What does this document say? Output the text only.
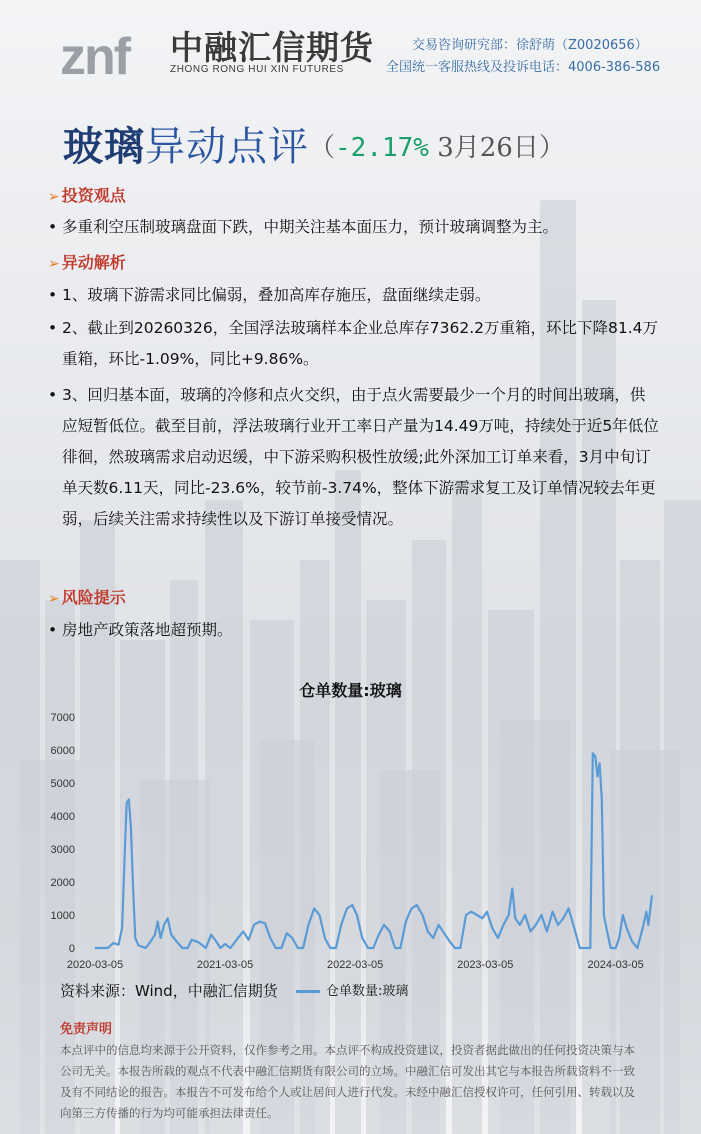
znf 中融汇信期货
ZHONG RONG HUI XIN FUTURES
交易咨询研究部：徐舒萌（Z0020656）
全国统一客服热线及投诉电话：4006-386-586
玻璃异动点评（-2.17% 3月26日）
➢ 投资观点
• 多重利空压制玻璃盘面下跌，中期关注基本面压力，预计玻璃调整为主。
➢ 异动解析
• 1、玻璃下游需求同比偏弱，叠加高库存施压，盘面继续走弱。
• 2、截止到20260326，全国浮法玻璃样本企业总库存7362.2万重箱，环比下降81.4万重箱，环比-1.09%，同比+9.86%。
• 3、回归基本面，玻璃的冷修和点火交织，由于点火需要最少一个月的时间出玻璃，供应短暂低位。截至目前，浮法玻璃行业开工率日产量为14.49万吨，持续处于近5年低位徘徊，然玻璃需求启动迟缓，中下游采购积极性放缓;此外深加工订单来看，3月中旬订单天数6.11天，同比-23.6%，较节前-3.74%，整体下游需求复工及订单情况较去年更弱，后续关注需求持续性以及下游订单接受情况。
➢ 风险提示
• 房地产政策落地超预期。
仓单数量:玻璃
0
1000
2000
3000
4000
5000
6000
7000
2020-03-05	2021-03-05	2022-03-05	2023-03-05	2024-03-05
资料来源：Wind，中融汇信期货	仓单数量:玻璃
免责声明
本点评中的信息均来源于公开资料，仅作参考之用。本点评不构成投资建议，投资者据此做出的任何投资决策与本公司无关。本报告所载的观点不代表中融汇信期货有限公司的立场。中融汇信可发出其它与本报告所载资料不一致及有不同结论的报告。本报告不可发布给个人或让居间人进行代发。未经中融汇信授权许可，任何引用、转载以及向第三方传播的行为均可能承担法律责任。
